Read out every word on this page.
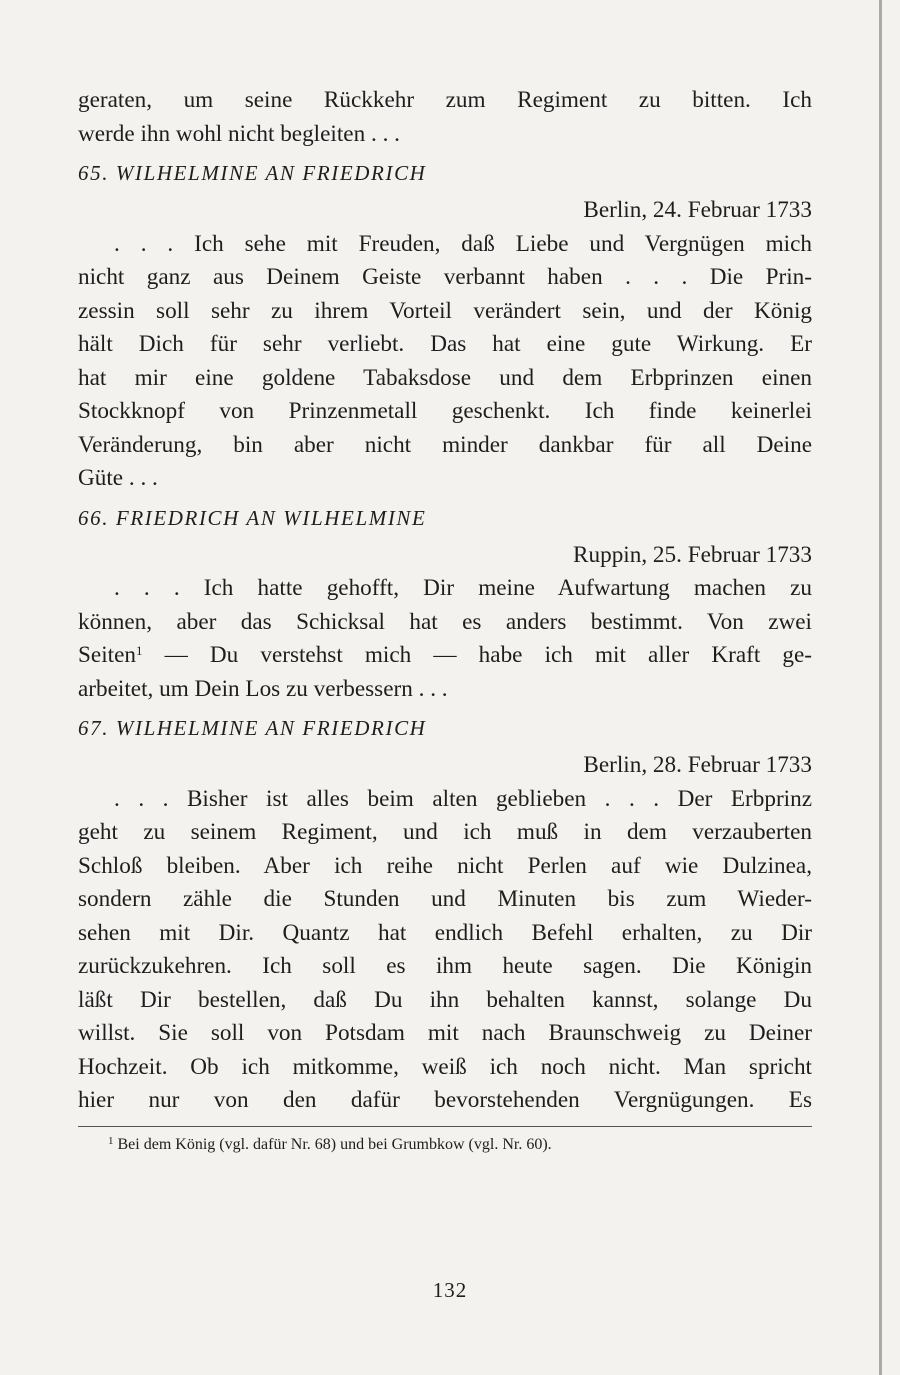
geraten, um seine Rückkehr zum Regiment zu bitten. Ich
werde ihn wohl nicht begleiten . . .
65. WILHELMINE AN FRIEDRICH
Berlin, 24. Februar 1733
. . . Ich sehe mit Freuden, daß Liebe und Vergnügen mich
nicht ganz aus Deinem Geiste verbannt haben . . . Die Prin-
zessin soll sehr zu ihrem Vorteil verändert sein, und der König
hält Dich für sehr verliebt. Das hat eine gute Wirkung. Er
hat mir eine goldene Tabaksdose und dem Erbprinzen einen
Stockknopf von Prinzenmetall geschenkt. Ich finde keinerlei
Veränderung, bin aber nicht minder dankbar für all Deine
Güte . . .
66. FRIEDRICH AN WILHELMINE
Ruppin, 25. Februar 1733
. . . Ich hatte gehofft, Dir meine Aufwartung machen zu
können, aber das Schicksal hat es anders bestimmt. Von zwei
Seiten$^1$ — Du verstehst mich — habe ich mit aller Kraft ge-
arbeitet, um Dein Los zu verbessern . . .
67. WILHELMINE AN FRIEDRICH
Berlin, 28. Februar 1733
. . . Bisher ist alles beim alten geblieben . . . Der Erbprinz
geht zu seinem Regiment, und ich muß in dem verzauberten
Schloß bleiben. Aber ich reihe nicht Perlen auf wie Dulzinea,
sondern zähle die Stunden und Minuten bis zum Wieder-
sehen mit Dir. Quantz hat endlich Befehl erhalten, zu Dir
zurückzukehren. Ich soll es ihm heute sagen. Die Königin
läßt Dir bestellen, daß Du ihn behalten kannst, solange Du
willst. Sie soll von Potsdam mit nach Braunschweig zu Deiner
Hochzeit. Ob ich mitkomme, weiß ich noch nicht. Man spricht
hier nur von den dafür bevorstehenden Vergnügungen. Es
$^1$ Bei dem König (vgl. dafür Nr. 68) und bei Grumbkow (vgl. Nr. 60).
132
